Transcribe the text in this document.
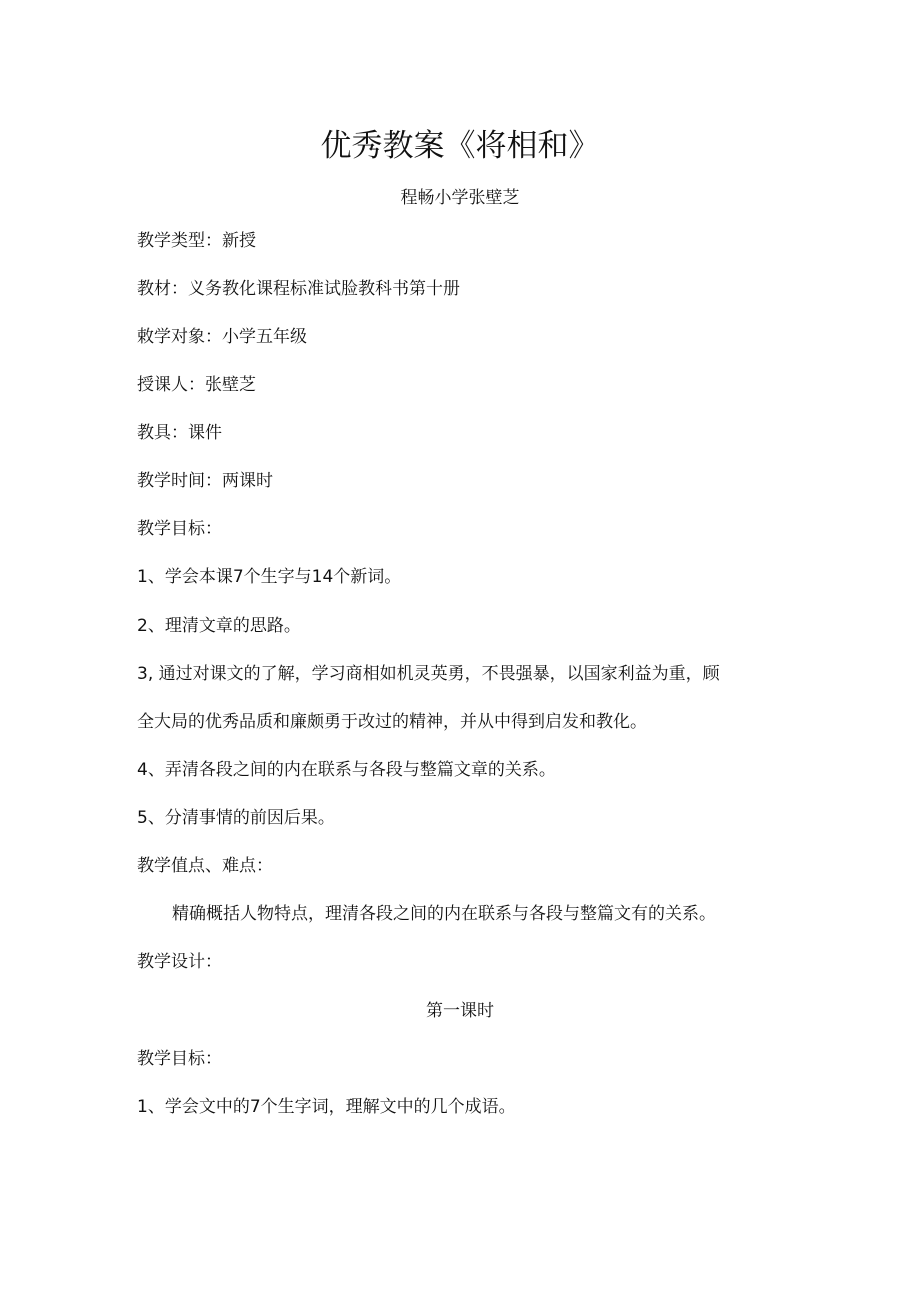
优秀教案《将相和》

程畅小学张壁芝

教学类型：新授

教材：义务教化课程标准试脸教科书第十册

敕学对象：小学五年级

授课人：张壁芝

教具：课件

教学时间：两课时

教学目标：

1、学会本课7个生字与14个新词。

2、理清文章的思路。

3, 通过对课文的了解，学习商相如机灵英勇，不畏强暴，以国家利益为重，顾

全大局的优秀品质和廉颇勇于改过的精神，并从中得到启发和教化。

4、弄清各段之间的内在联系与各段与整篇文章的关系。

5、分清事情的前因后果。

教学值点、难点：

精确概括人物特点，理清各段之间的内在联系与各段与整篇文有的关系。

教学设计：

第一课时

教学目标：

1、学会文中的7个生字词，理解文中的几个成语。
